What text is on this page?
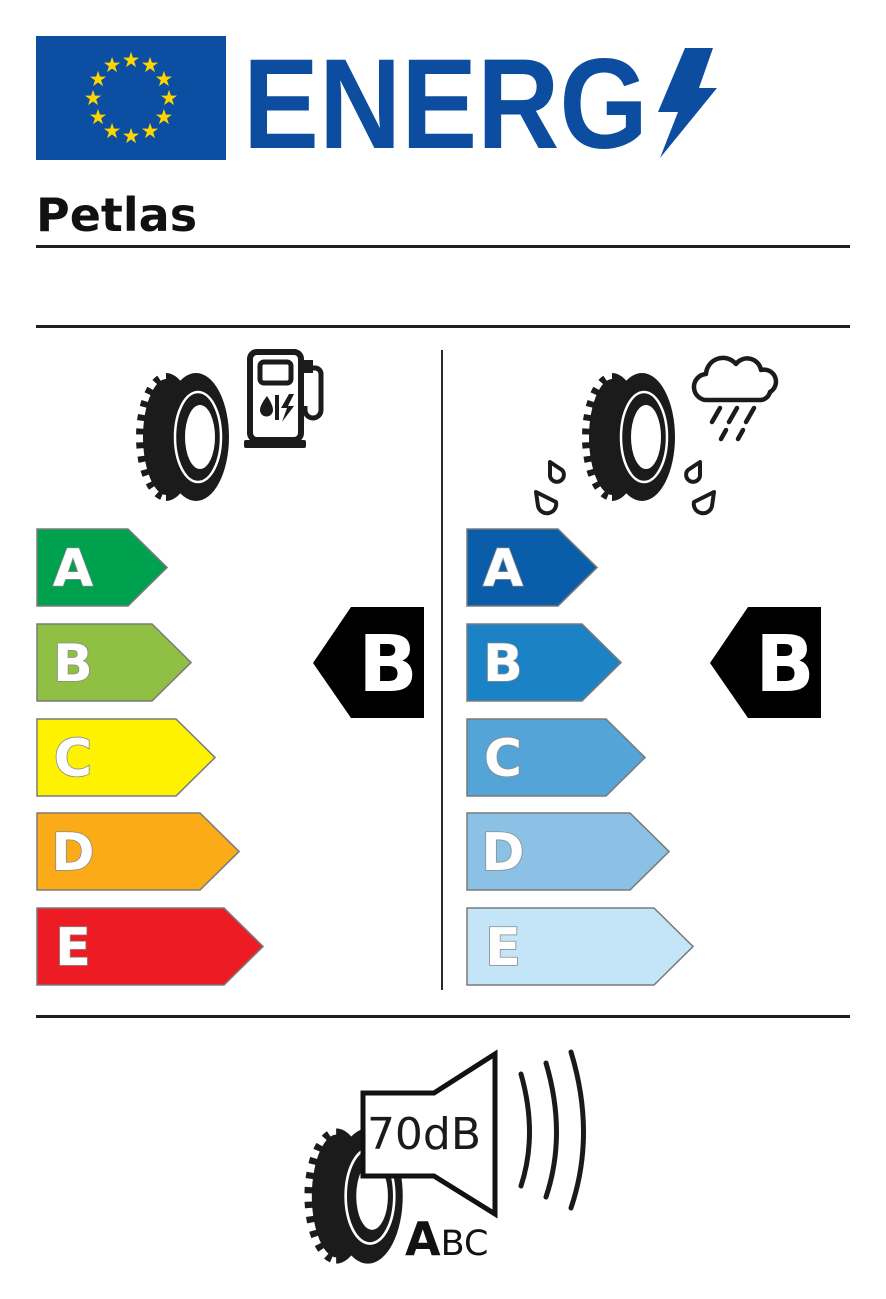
★ ★
★
★
★
★
★
★
★
★
★
★ ENERG
Petlas
A
B
C
D
E
A
B
C
D
E
B	B
70dB
A BC
